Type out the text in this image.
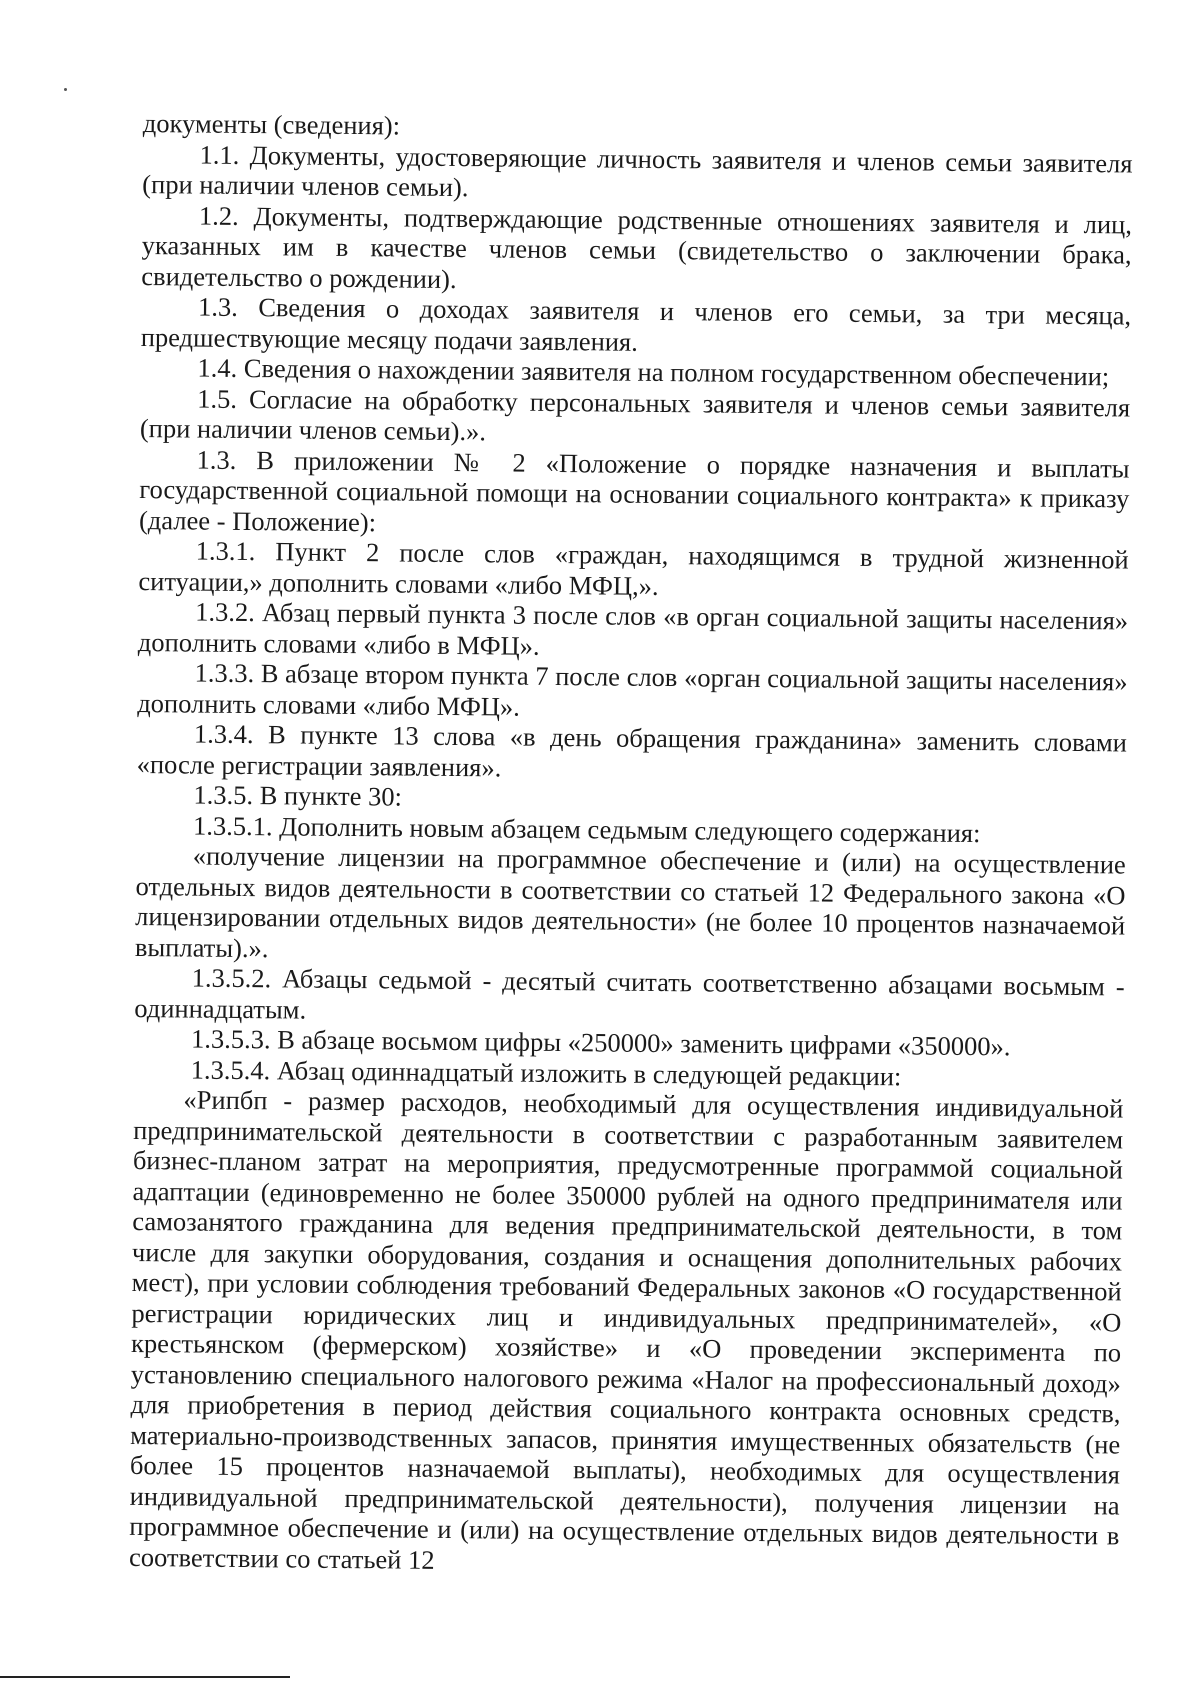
документы (сведения):

1.1. Документы, удостоверяющие личность заявителя и членов семьи заявителя (при наличии членов семьи).

1.2. Документы, подтверждающие родственные отношениях заявителя и лиц, указанных им в качестве членов семьи (свидетельство о заключении брака, свидетельство о рождении).

1.3. Сведения о доходах заявителя и членов его семьи, за три месяца, предшествующие месяцу подачи заявления.

1.4. Сведения о нахождении заявителя на полном государственном обеспечении;

1.5. Согласие на обработку персональных заявителя и членов семьи заявителя (при наличии членов семьи).».

1.3. В приложении № 2 «Положение о порядке назначения и выплаты государственной социальной помощи на основании социального контракта» к приказу (далее - Положение):

1.3.1. Пункт 2 после слов «граждан, находящимся в трудной жизненной ситуации,» дополнить словами «либо МФЦ,».

1.3.2. Абзац первый пункта 3 после слов «в орган социальной защиты населения» дополнить словами «либо в МФЦ».

1.3.3. В абзаце втором пункта 7 после слов «орган социальной защиты населения» дополнить словами «либо МФЦ».

1.3.4. В пункте 13 слова «в день обращения гражданина» заменить словами «после регистрации заявления».

1.3.5. В пункте 30:

1.3.5.1. Дополнить новым абзацем седьмым следующего содержания:

«получение лицензии на программное обеспечение и (или) на осуществление отдельных видов деятельности в соответствии со статьей 12 Федерального закона «О лицензировании отдельных видов деятельности» (не более 10 процентов назначаемой выплаты).».

1.3.5.2. Абзацы седьмой - десятый считать соответственно абзацами восьмым - одиннадцатым.

1.3.5.3. В абзаце восьмом цифры «250000» заменить цифрами «350000».

1.3.5.4. Абзац одиннадцатый изложить в следующей редакции:

«Pипбп - размер расходов, необходимый для осуществления индивидуальной предпринимательской деятельности в соответствии с разработанным заявителем бизнес-планом затрат на мероприятия, предусмотренные программой социальной адаптации (единовременно не более 350000 рублей на одного предпринимателя или самозанятого гражданина для ведения предпринимательской деятельности, в том числе для закупки оборудования, создания и оснащения дополнительных рабочих мест), при условии соблюдения требований Федеральных законов «О государственной регистрации юридических лиц и индивидуальных предпринимателей», «О крестьянском (фермерском) хозяйстве» и «О проведении эксперимента по установлению специального налогового режима «Налог на профессиональный доход» для приобретения в период действия социального контракта основных средств, материально-производственных запасов, принятия имущественных обязательств (не более 15 процентов назначаемой выплаты), необходимых для осуществления индивидуальной предпринимательской деятельности), получения лицензии на программное обеспечение и (или) на осуществление отдельных видов деятельности в соответствии со статьей 12
